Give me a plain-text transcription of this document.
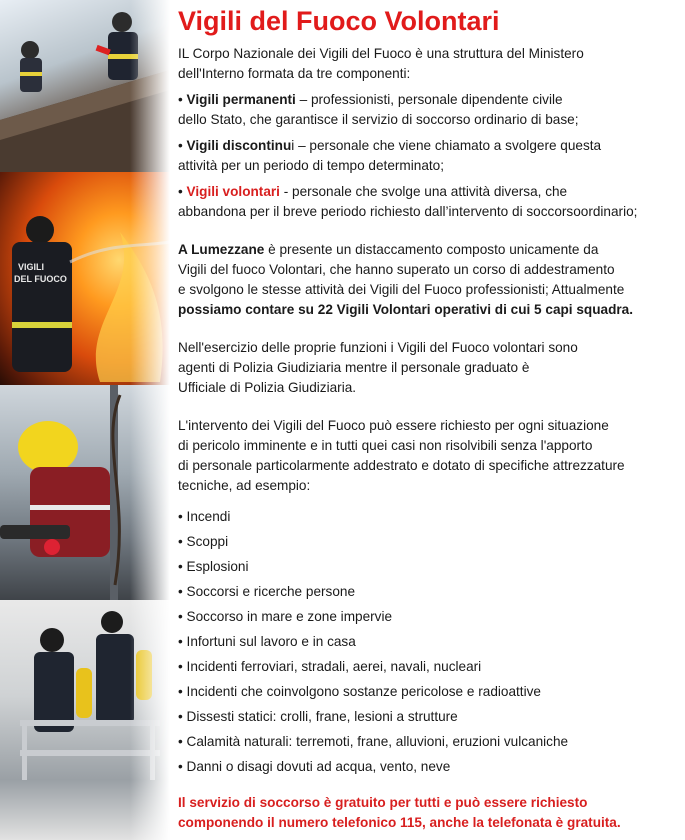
VIGILI
DEL FUOCO
Vigili del Fuoco Volontari
IL Corpo Nazionale dei Vigili del Fuoco è una struttura del Ministero
dell'Interno formata da tre componenti:
• Vigili permanenti – professionisti, personale dipendente civile
dello Stato, che garantisce il servizio di soccorso ordinario di base;
• Vigili discontinui – personale che viene chiamato a svolgere questa
attività per un periodo di tempo determinato;
• Vigili volontari - personale che svolge una attività diversa, che
abbandona per il breve periodo richiesto dall’intervento di soccorsoordinario;
A Lumezzane è presente un distaccamento composto unicamente da
Vigili del fuoco Volontari, che hanno superato un corso di addestramento
e svolgono le stesse attività dei Vigili del Fuoco professionisti; Attualmente
possiamo contare su 22 Vigili Volontari operativi di cui 5 capi squadra.
Nell'esercizio delle proprie funzioni i Vigili del Fuoco volontari sono
agenti di Polizia Giudiziaria mentre il personale graduato è
Ufficiale di Polizia Giudiziaria.
L'intervento dei Vigili del Fuoco può essere richiesto per ogni situazione
di pericolo imminente e in tutti quei casi non risolvibili senza l'apporto
di personale particolarmente addestrato e dotato di specifiche attrezzature
tecniche, ad esempio:
• Incendi
• Scoppi
• Esplosioni
• Soccorsi e ricerche persone
• Soccorso in mare e zone impervie
• Infortuni sul lavoro e in casa
• Incidenti ferroviari, stradali, aerei, navali, nucleari
• Incidenti che coinvolgono sostanze pericolose e radioattive
• Dissesti statici: crolli, frane, lesioni a strutture
• Calamità naturali: terremoti, frane, alluvioni, eruzioni vulcaniche
• Danni o disagi dovuti ad acqua, vento, neve
Il servizio di soccorso è gratuito per tutti e può essere richiesto
componendo il numero telefonico 115, anche la telefonata è gratuita.
